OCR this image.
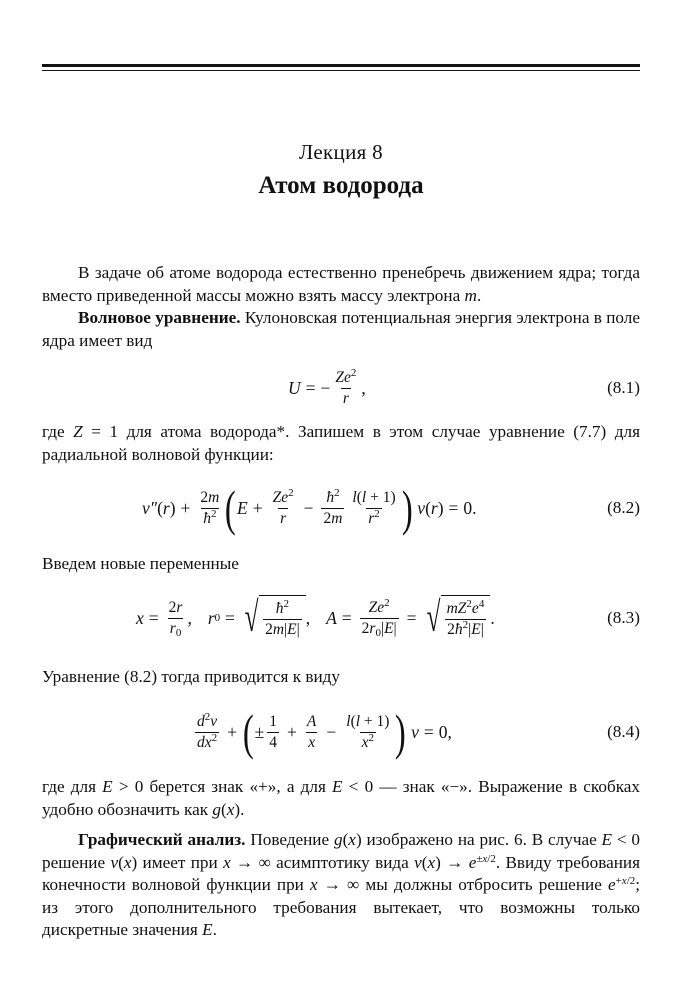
Лекция 8
Атом водорода
В задаче об атоме водорода естественно пренебречь движением ядра; тогда вместо приведенной массы можно взять массу электрона m.
Волновое уравнение. Кулоновская потенциальная энергия электрона в поле ядра имеет вид
U = − $\frac{Ze^2}{r}$ ,	(8.1)
где Z = 1 для атома водорода*. Запишем в этом случае уравнение (7.7) для радиальной волновой функции:
v″ ( r ) + $\frac{2m}{ħ^2}$ ( $E + \frac{Ze^2}{r} - \frac{ħ^2}{2m} \frac{l(l + 1)}{r^2}$ ) v ( r ) = 0.	(8.2)
Введем новые переменные
$x = \frac{2r}{r_0}$ , r 0 = √ $\frac{ħ^2}{2m|E|}$ , $A = \frac{Ze^2}{2r_0|E|}$ = √ $\frac{mZ^2e^4}{2ħ^2|E|}$ .	(8.3)
Уравнение (8.2) тогда приводится к виду
$\frac{d^2v}{dx^2}$ + ( ± $\frac{1}{4} + \frac{A}{x} - \frac{l(l + 1)}{x^2}$ ) v = 0,	(8.4)
где для E > 0 берется знак «+», а для E < 0 — знак «−». Выражение в скобках удобно обозначить как g(x).
Графический анализ. Поведение g(x) изображено на рис. 6. В случае E < 0 решение v(x) имеет при x → ∞ асимптотику вида $v(x) \to e^{\pm x/2}$. Ввиду требования конечности волновой функции при x → ∞ мы должны отбросить решение $e^{+x/2}$; из этого дополнительного требования вытекает, что возможны только дискретные значения E.
